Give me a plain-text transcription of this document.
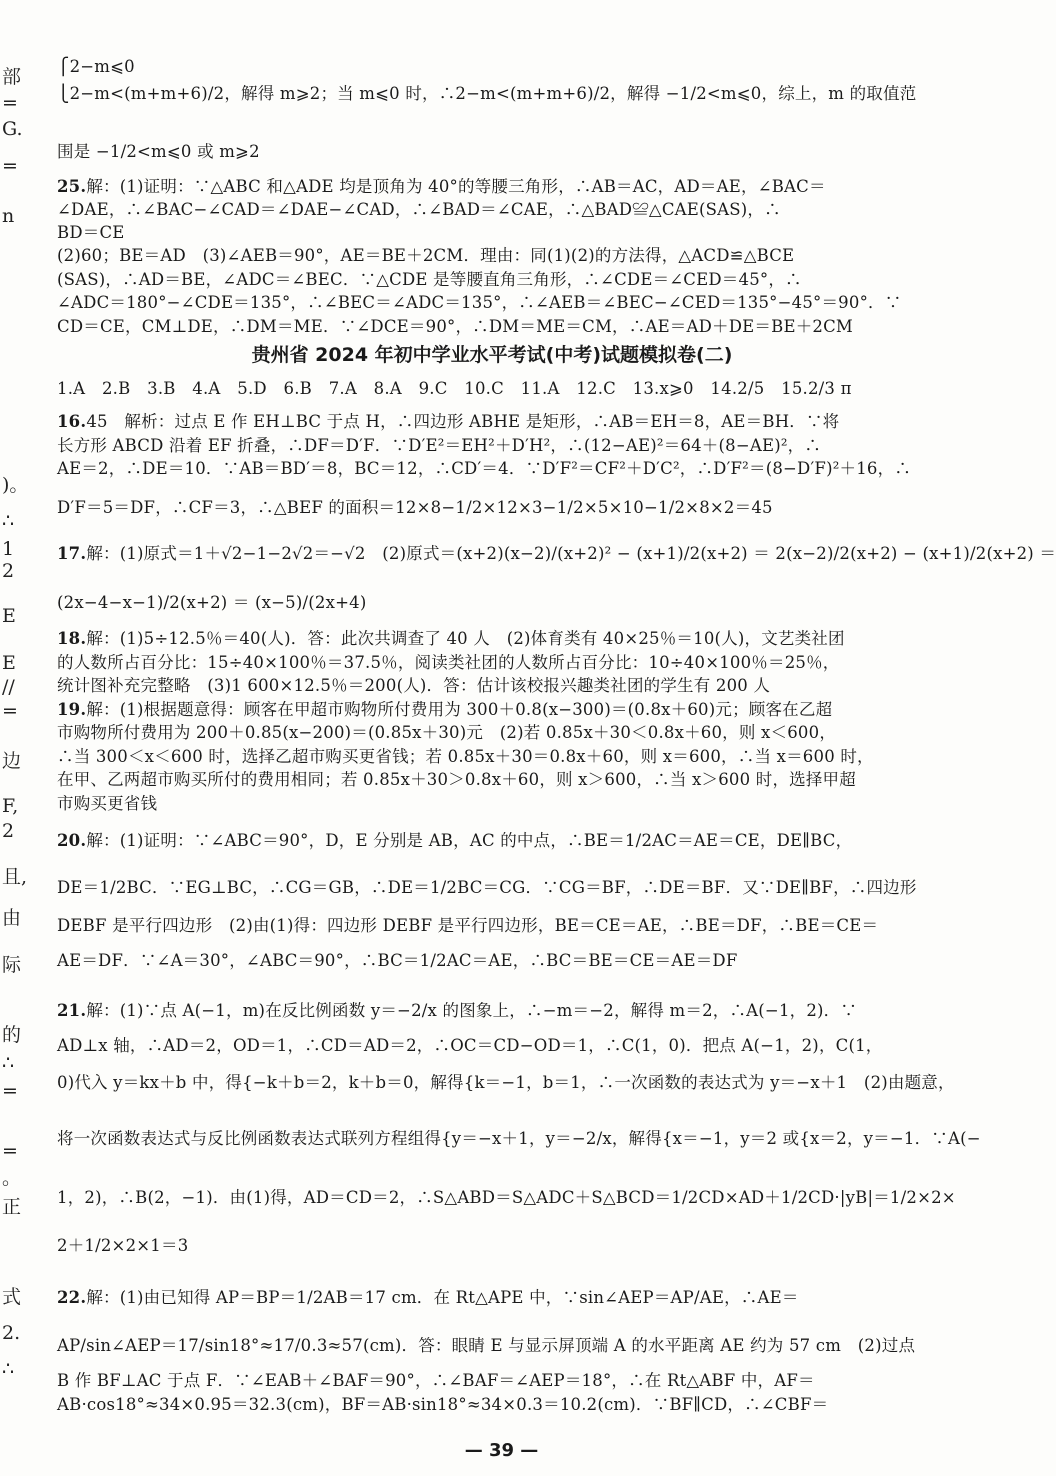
部
=
G.
=
n
)。
∴
1
2
E
E
//
=
边
F,
2
且,
由
际
的
∴
=
=
。
正
式
2.
∴
⎧2−m⩽0
⎩2−m<(m+m+6)/2，解得 m⩾2；当 m⩽0 时，∴2−m<(m+m+6)/2，解得 −1/2<m⩽0，综上，m 的取值范
围是 −1/2<m⩽0 或 m⩾2
25.解：(1)证明：∵△ABC 和△ADE 均是顶角为 40°的等腰三角形，∴AB＝AC，AD＝AE，∠BAC＝
∠DAE，∴∠BAC−∠CAD＝∠DAE−∠CAD，∴∠BAD＝∠CAE，∴△BAD≌△CAE(SAS)，∴
BD＝CE
(2)60；BE＝AD　(3)∠AEB＝90°，AE＝BE＋2CM．理由：同(1)(2)的方法得，△ACD≌△BCE
(SAS)，∴AD＝BE，∠ADC＝∠BEC．∵△CDE 是等腰直角三角形，∴∠CDE＝∠CED＝45°，∴
∠ADC＝180°−∠CDE＝135°，∴∠BEC＝∠ADC＝135°，∴∠AEB＝∠BEC−∠CED＝135°−45°＝90°．∵
CD＝CE，CM⊥DE，∴DM＝ME．∵∠DCE＝90°，∴DM＝ME＝CM，∴AE＝AD＋DE＝BE＋2CM
贵州省 2024 年初中学业水平考试(中考)试题模拟卷(二)
1.A　2.B　3.B　4.A　5.D　6.B　7.A　8.A　9.C　10.C　11.A　12.C　13.x⩾0　14.2/5　15.2/3 π
16.45　解析：过点 E 作 EH⊥BC 于点 H，∴四边形 ABHE 是矩形，∴AB＝EH＝8，AE＝BH．∵将
长方形 ABCD 沿着 EF 折叠，∴DF＝D′F．∵D′E²＝EH²＋D′H²，∴(12−AE)²＝64＋(8−AE)²，∴
AE＝2，∴DE＝10．∵AB＝BD′＝8，BC＝12，∴CD′＝4．∵D′F²＝CF²＋D′C²，∴D′F²＝(8−D′F)²＋16，∴
D′F＝5＝DF，∴CF＝3，∴△BEF 的面积＝12×8−1/2×12×3−1/2×5×10−1/2×8×2＝45
17.解：(1)原式＝1＋√2−1−2√2＝−√2　(2)原式＝(x+2)(x−2)/(x+2)² − (x+1)/2(x+2) ＝ 2(x−2)/2(x+2) − (x+1)/2(x+2) ＝
(2x−4−x−1)/2(x+2) ＝ (x−5)/(2x+4)
18.解：(1)5÷12.5％＝40(人)．答：此次共调查了 40 人　(2)体育类有 40×25％＝10(人)，文艺类社团
的人数所占百分比：15÷40×100％＝37.5％，阅读类社团的人数所占百分比：10÷40×100％＝25％，
统计图补充完整略　(3)1 600×12.5％＝200(人)．答：估计该校报兴趣类社团的学生有 200 人
19.解：(1)根据题意得：顾客在甲超市购物所付费用为 300＋0.8(x−300)＝(0.8x＋60)元；顾客在乙超
市购物所付费用为 200＋0.85(x−200)＝(0.85x＋30)元　(2)若 0.85x＋30＜0.8x＋60，则 x＜600，
∴当 300＜x＜600 时，选择乙超市购买更省钱；若 0.85x＋30＝0.8x＋60，则 x＝600，∴当 x＝600 时，
在甲、乙两超市购买所付的费用相同；若 0.85x＋30＞0.8x＋60，则 x＞600，∴当 x＞600 时，选择甲超
市购买更省钱
20.解：(1)证明：∵∠ABC＝90°，D，E 分别是 AB，AC 的中点，∴BE＝1/2AC＝AE＝CE，DE∥BC，
DE＝1/2BC．∵EG⊥BC，∴CG＝GB，∴DE＝1/2BC＝CG．∵CG＝BF，∴DE＝BF．又∵DE∥BF，∴四边形
DEBF 是平行四边形　(2)由(1)得：四边形 DEBF 是平行四边形，BE＝CE＝AE，∴BE＝DF，∴BE＝CE＝
AE＝DF．∵∠A＝30°，∠ABC＝90°，∴BC＝1/2AC＝AE，∴BC＝BE＝CE＝AE＝DF
21.解：(1)∵点 A(−1，m)在反比例函数 y＝−2/x 的图象上，∴−m＝−2，解得 m＝2，∴A(−1，2)．∵
AD⊥x 轴，∴AD＝2，OD＝1，∴CD＝AD＝2，∴OC＝CD−OD＝1，∴C(1，0)．把点 A(−1，2)，C(1，
0)代入 y＝kx＋b 中，得{−k＋b＝2，k＋b＝0，解得{k＝−1，b＝1，∴一次函数的表达式为 y＝−x＋1　(2)由题意，
将一次函数表达式与反比例函数表达式联列方程组得{y＝−x＋1，y＝−2/x，解得{x＝−1，y＝2 或{x＝2，y＝−1．∵A(−
1，2)，∴B(2，−1)．由(1)得，AD＝CD＝2，∴S△ABD＝S△ADC＋S△BCD＝1/2CD×AD＋1/2CD·|yB|＝1/2×2×
2＋1/2×2×1＝3
22.解：(1)由已知得 AP＝BP＝1/2AB＝17 cm．在 Rt△APE 中，∵sin∠AEP＝AP/AE，∴AE＝
AP/sin∠AEP＝17/sin18°≈17/0.3≈57(cm)．答：眼睛 E 与显示屏顶端 A 的水平距离 AE 约为 57 cm　(2)过点
B 作 BF⊥AC 于点 F．∵∠EAB＋∠BAF＝90°，∴∠BAF＝∠AEP＝18°，∴在 Rt△ABF 中，AF＝
AB·cos18°≈34×0.95＝32.3(cm)，BF＝AB·sin18°≈34×0.3＝10.2(cm)．∵BF∥CD，∴∠CBF＝
— 39 —
